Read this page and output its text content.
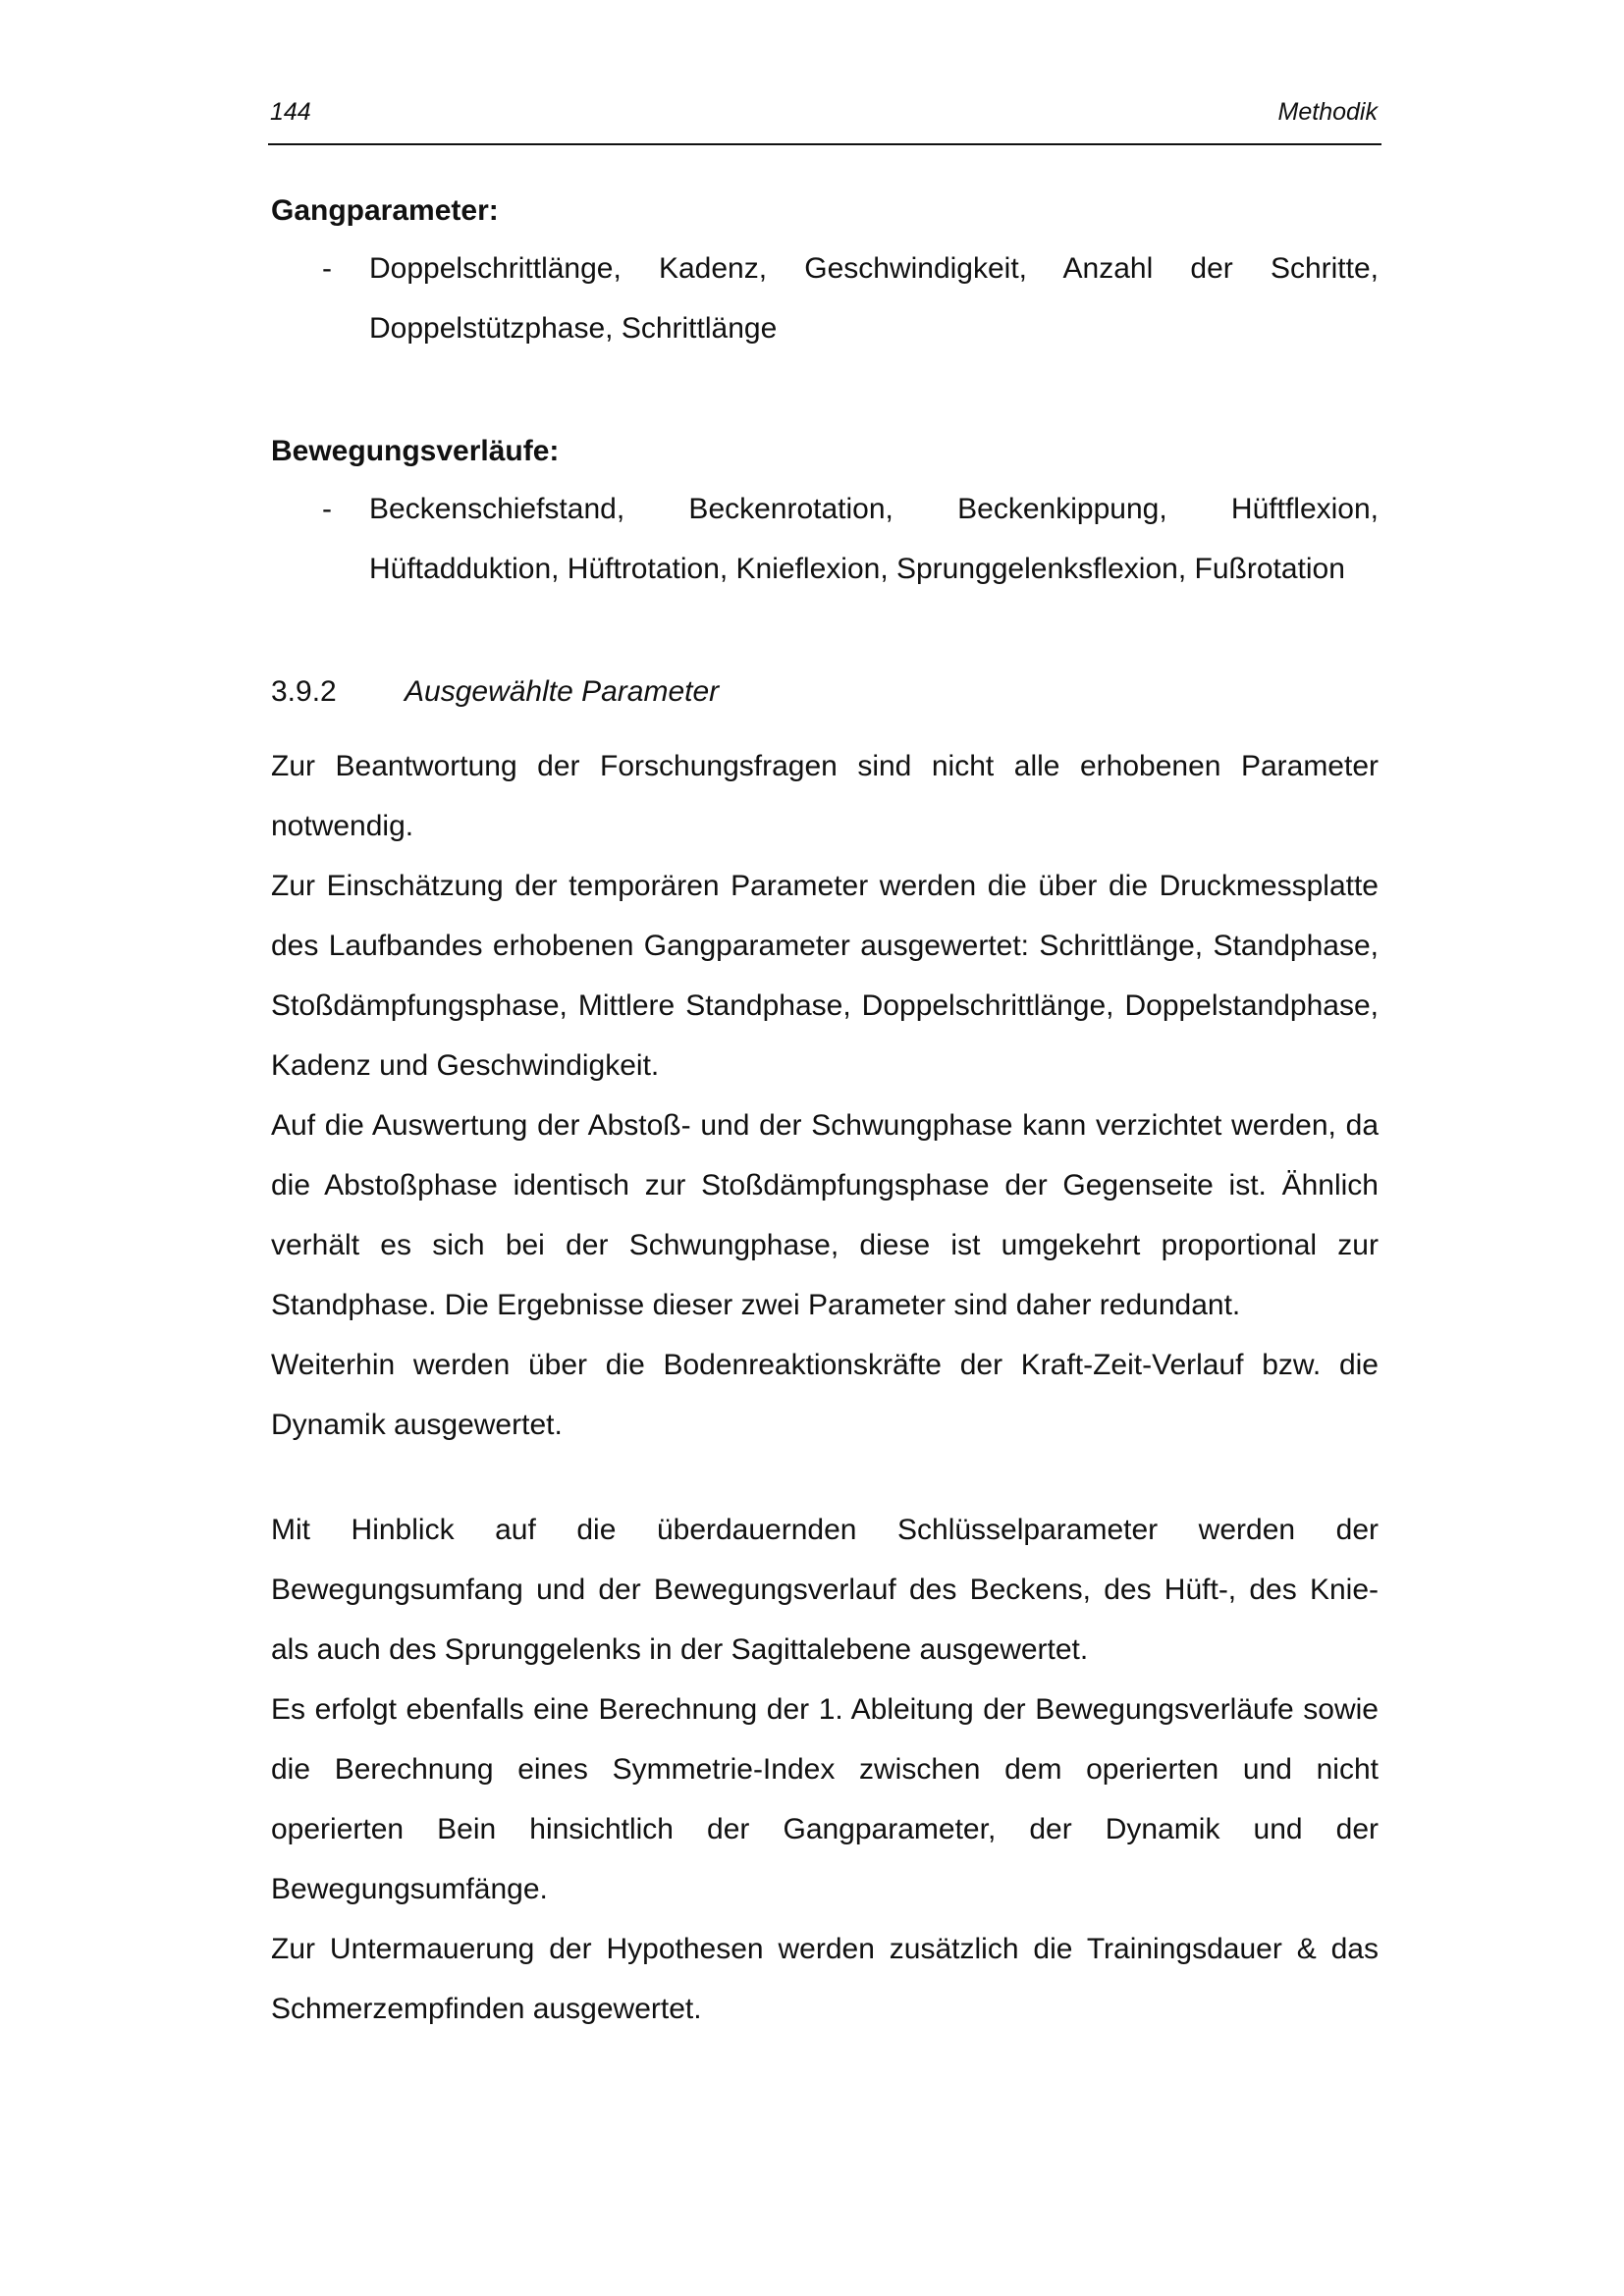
144	Methodik

Gangparameter:

- Doppelschrittlänge, Kadenz, Geschwindigkeit, Anzahl der Schritte, Doppelstützphase, Schrittlänge

Bewegungsverläufe:

- Beckenschiefstand, Beckenrotation, Beckenkippung, Hüftflexion, Hüftadduktion, Hüftrotation, Knieflexion, Sprunggelenksflexion, Fußrotation
3.9.2 Ausgewählte Parameter

Zur Beantwortung der Forschungsfragen sind nicht alle erhobenen Parameter notwendig.

Zur Einschätzung der temporären Parameter werden die über die Druckmessplatte des Laufbandes erhobenen Gangparameter ausgewertet: Schrittlänge, Standphase, Stoßdämpfungsphase, Mittlere Standphase, Doppelschrittlänge, Doppelstandphase, Kadenz und Geschwindigkeit.

Auf die Auswertung der Abstoß- und der Schwungphase kann verzichtet werden, da die Abstoßphase identisch zur Stoßdämpfungsphase der Gegenseite ist. Ähnlich verhält es sich bei der Schwungphase, diese ist umgekehrt proportional zur Standphase. Die Ergebnisse dieser zwei Parameter sind daher redundant.

Weiterhin werden über die Bodenreaktionskräfte der Kraft-Zeit-Verlauf bzw. die Dynamik ausgewertet.

Mit Hinblick auf die überdauernden Schlüsselparameter werden der Bewegungsumfang und der Bewegungsverlauf des Beckens, des Hüft-, des Knie- als auch des Sprunggelenks in der Sagittalebene ausgewertet.

Es erfolgt ebenfalls eine Berechnung der 1. Ableitung der Bewegungsverläufe sowie die Berechnung eines Symmetrie-Index zwischen dem operierten und nicht operierten Bein hinsichtlich der Gangparameter, der Dynamik und der Bewegungsumfänge.

Zur Untermauerung der Hypothesen werden zusätzlich die Trainingsdauer & das Schmerzempfinden ausgewertet.
